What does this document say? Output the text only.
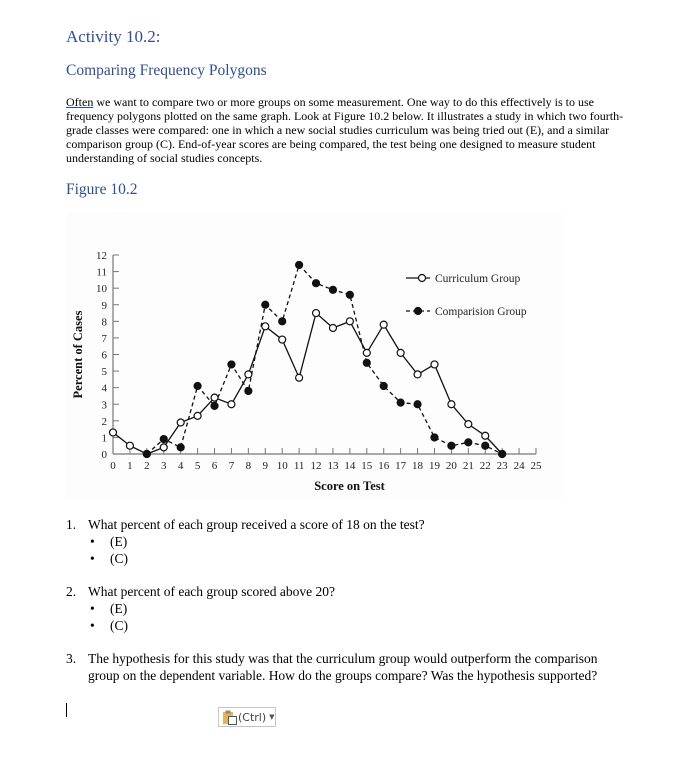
Activity 10.2:
Comparing Frequency Polygons
Often we want to compare two or more groups on some measurement. One way to do this effectively is to use frequency polygons plotted on the same graph. Look at Figure 10.2 below. It illustrates a study in which two fourth-grade classes were compared: one in which a new social studies curriculum was being tried out (E), and a similar comparison group (C). End-of-year scores are being compared, the test being one designed to measure student understanding of social studies concepts.
Figure 10.2
0
1
2
3
4
5
6
7
8
9
10
11
12
0 1 2 3 4 5 6 7 8 9 10 11 12 13 14 15 16 17 18 19 20 21 22 23 24 25
Score on Test
Percent of Cases
Curriculum Group
Comparision Group
1. What percent of each group received a score of 18 on the test?
• (E)
• (C)
2. What percent of each group scored above 20?
• (E)
• (C)
3. The hypothesis for this study was that the curriculum group would outperform the comparison group on the dependent variable. How do the groups compare? Was the hypothesis supported?
(Ctrl) ▼
